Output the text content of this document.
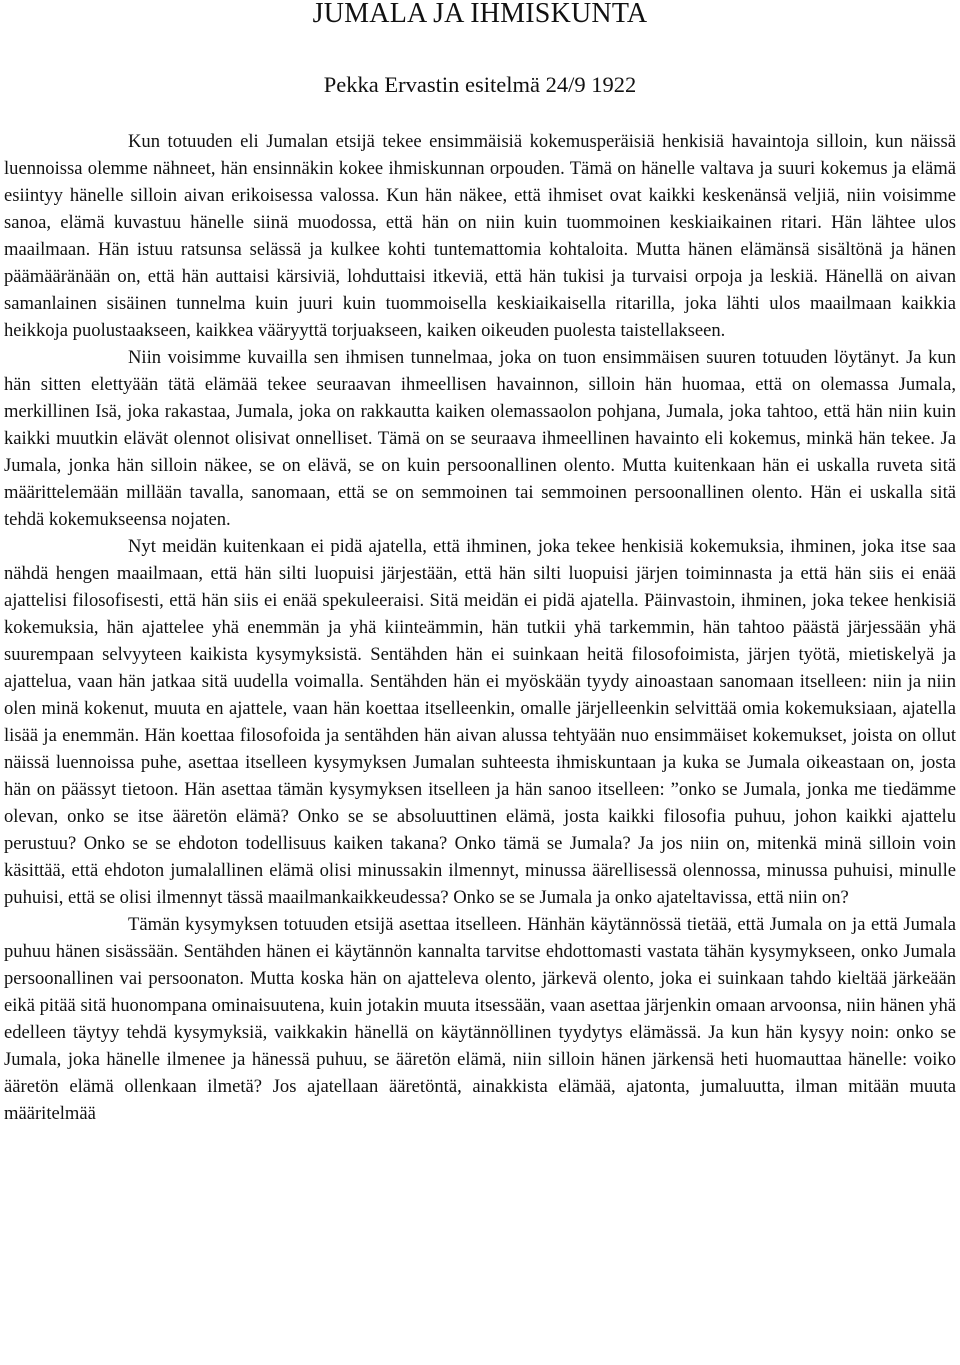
JUMALA JA IHMISKUNTA
Pekka Ervastin esitelmä 24/9 1922

Kun totuuden eli Jumalan etsijä tekee ensimmäisiä kokemusperäisiä henkisiä havaintoja silloin, kun näissä luennoissa olemme nähneet, hän ensinnäkin kokee ihmiskunnan orpouden. Tämä on hänelle valtava ja suuri kokemus ja elämä esiintyy hänelle silloin aivan erikoisessa valossa. Kun hän näkee, että ihmiset ovat kaikki keskenänsä veljiä, niin voisimme sanoa, elämä kuvastuu hänelle siinä muodossa, että hän on niin kuin tuommoinen keskiaikainen ritari. Hän lähtee ulos maailmaan. Hän istuu ratsunsa selässä ja kulkee kohti tuntemattomia kohtaloita. Mutta hänen elämänsä sisältönä ja hänen päämääränään on, että hän auttaisi kärsiviä, lohduttaisi itkeviä, että hän tukisi ja turvaisi orpoja ja leskiä. Hänellä on aivan samanlainen sisäinen tunnelma kuin juuri kuin tuommoisella keskiaikaisella ritarilla, joka lähti ulos maailmaan kaikkia heikkoja puolustaakseen, kaikkea vääryyttä torjuakseen, kaiken oikeuden puolesta taistellakseen.

Niin voisimme kuvailla sen ihmisen tunnelmaa, joka on tuon ensimmäisen suuren totuuden löytänyt. Ja kun hän sitten elettyään tätä elämää tekee seuraavan ihmeellisen havainnon, silloin hän huomaa, että on olemassa Jumala, merkillinen Isä, joka rakastaa, Jumala, joka on rakkautta kaiken olemassaolon pohjana, Jumala, joka tahtoo, että hän niin kuin kaikki muutkin elävät olennot olisivat onnelliset. Tämä on se seuraava ihmeellinen havainto eli kokemus, minkä hän tekee. Ja Jumala, jonka hän silloin näkee, se on elävä, se on kuin persoonallinen olento. Mutta kuitenkaan hän ei uskalla ruveta sitä määrittelemään millään tavalla, sanomaan, että se on semmoinen tai semmoinen persoonallinen olento. Hän ei uskalla sitä tehdä kokemukseensa nojaten.

Nyt meidän kuitenkaan ei pidä ajatella, että ihminen, joka tekee henkisiä kokemuksia, ihminen, joka itse saa nähdä hengen maailmaan, että hän silti luopuisi järjestään, että hän silti luopuisi järjen toiminnasta ja että hän siis ei enää ajattelisi filosofisesti, että hän siis ei enää spekuleeraisi. Sitä meidän ei pidä ajatella. Päinvastoin, ihminen, joka tekee henkisiä kokemuksia, hän ajattelee yhä enemmän ja yhä kiinteämmin, hän tutkii yhä tarkemmin, hän tahtoo päästä järjessään yhä suurempaan selvyyteen kaikista kysymyksistä. Sentähden hän ei suinkaan heitä filosofoimista, järjen työtä, mietiskelyä ja ajattelua, vaan hän jatkaa sitä uudella voimalla. Sentähden hän ei myöskään tyydy ainoastaan sanomaan itselleen: niin ja niin olen minä kokenut, muuta en ajattele, vaan hän koettaa itselleenkin, omalle järjelleenkin selvittää omia kokemuksiaan, ajatella lisää ja enemmän. Hän koettaa filosofoida ja sentähden hän aivan alussa tehtyään nuo ensimmäiset kokemukset, joista on ollut näissä luennoissa puhe, asettaa itselleen kysymyksen Jumalan suhteesta ihmiskuntaan ja kuka se Jumala oikeastaan on, josta hän on päässyt tietoon. Hän asettaa tämän kysymyksen itselleen ja hän sanoo itselleen: ”onko se Jumala, jonka me tiedämme olevan, onko se itse ääretön elämä? Onko se se absoluuttinen elämä, josta kaikki filosofia puhuu, johon kaikki ajattelu perustuu? Onko se se ehdoton todellisuus kaiken takana? Onko tämä se Jumala? Ja jos niin on, mitenkä minä silloin voin käsittää, että ehdoton jumalallinen elämä olisi minussakin ilmennyt, minussa äärellisessä olennossa, minussa puhuisi, minulle puhuisi, että se olisi ilmennyt tässä maailmankaikkeudessa? Onko se se Jumala ja onko ajateltavissa, että niin on?

Tämän kysymyksen totuuden etsijä asettaa itselleen. Hänhän käytännössä tietää, että Jumala on ja että Jumala puhuu hänen sisässään. Sentähden hänen ei käytännön kannalta tarvitse ehdottomasti vastata tähän kysymykseen, onko Jumala persoonallinen vai persoonaton. Mutta koska hän on ajatteleva olento, järkevä olento, joka ei suinkaan tahdo kieltää järkeään eikä pitää sitä huonompana ominaisuutena, kuin jotakin muuta itsessään, vaan asettaa järjenkin omaan arvoonsa, niin hänen yhä edelleen täytyy tehdä kysymyksiä, vaikkakin hänellä on käytännöllinen tyydytys elämässä. Ja kun hän kysyy noin: onko se Jumala, joka hänelle ilmenee ja hänessä puhuu, se ääretön elämä, niin silloin hänen järkensä heti huomauttaa hänelle: voiko ääretön elämä ollenkaan ilmetä? Jos ajatellaan ääretöntä, ainakkista elämää, ajatonta, jumaluutta, ilman mitään muuta määritelmää
